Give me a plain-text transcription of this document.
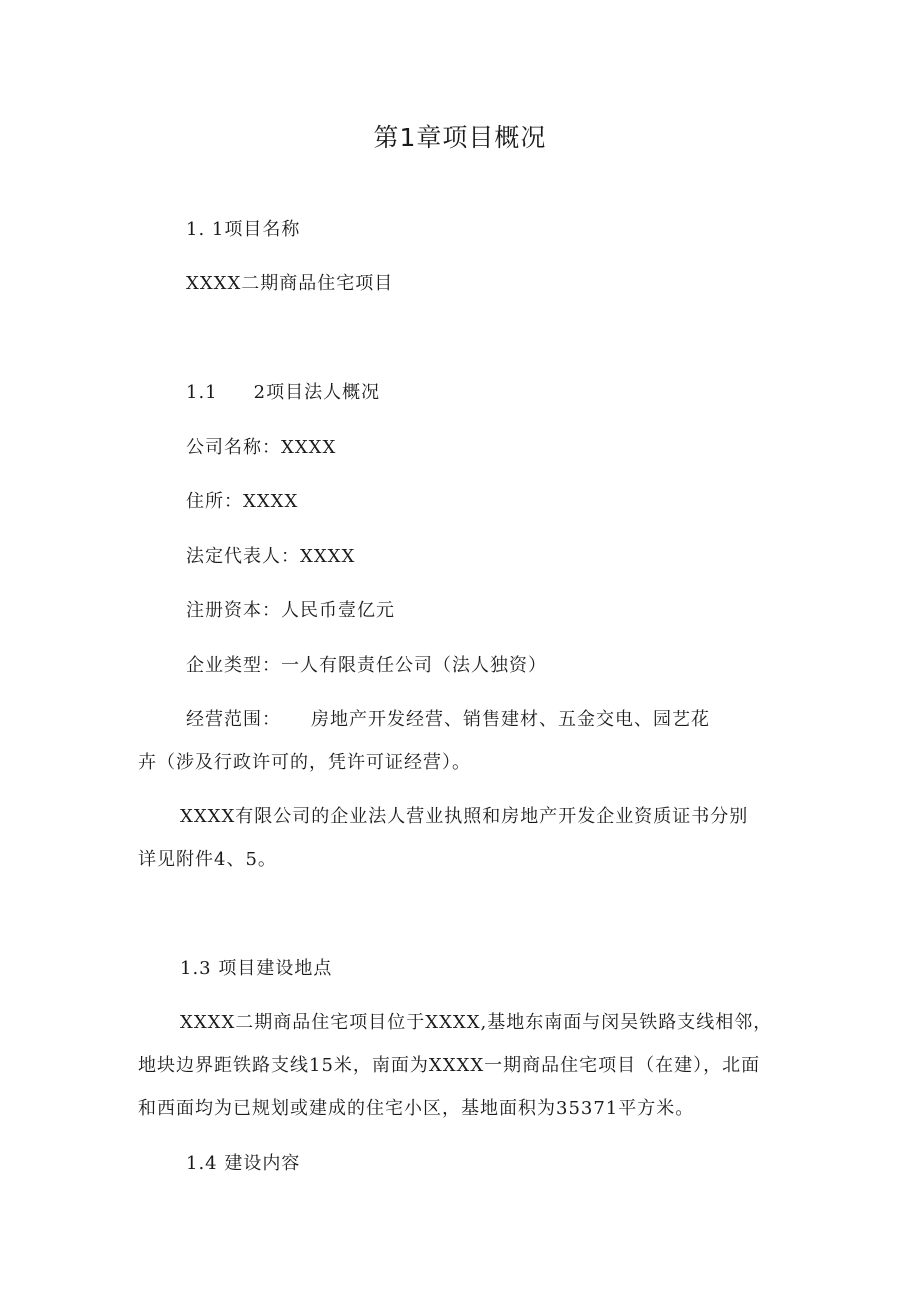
第1章项目概况
1. 1项目名称
XXXX二期商品住宅项目
1.1 2项目法人概况
公司名称：XXXX
住所：XXXX
法定代表人：XXXX
注册资本：人民币壹亿元
企业类型：一人有限责任公司（法人独资）
经营范围： 房地产开发经营、销售建材、五金交电、园艺花
卉（涉及行政许可的，凭许可证经营）。
XXXX有限公司的企业法人营业执照和房地产开发企业资质证书分别
详见附件4、5。
1.3 项目建设地点
XXXX二期商品住宅项目位于XXXX,基地东南面与闵吴铁路支线相邻，
地块边界距铁路支线15米，南面为XXXX一期商品住宅项目（在建），北面
和西面均为已规划或建成的住宅小区，基地面积为35371平方米。
1.4 建设内容
